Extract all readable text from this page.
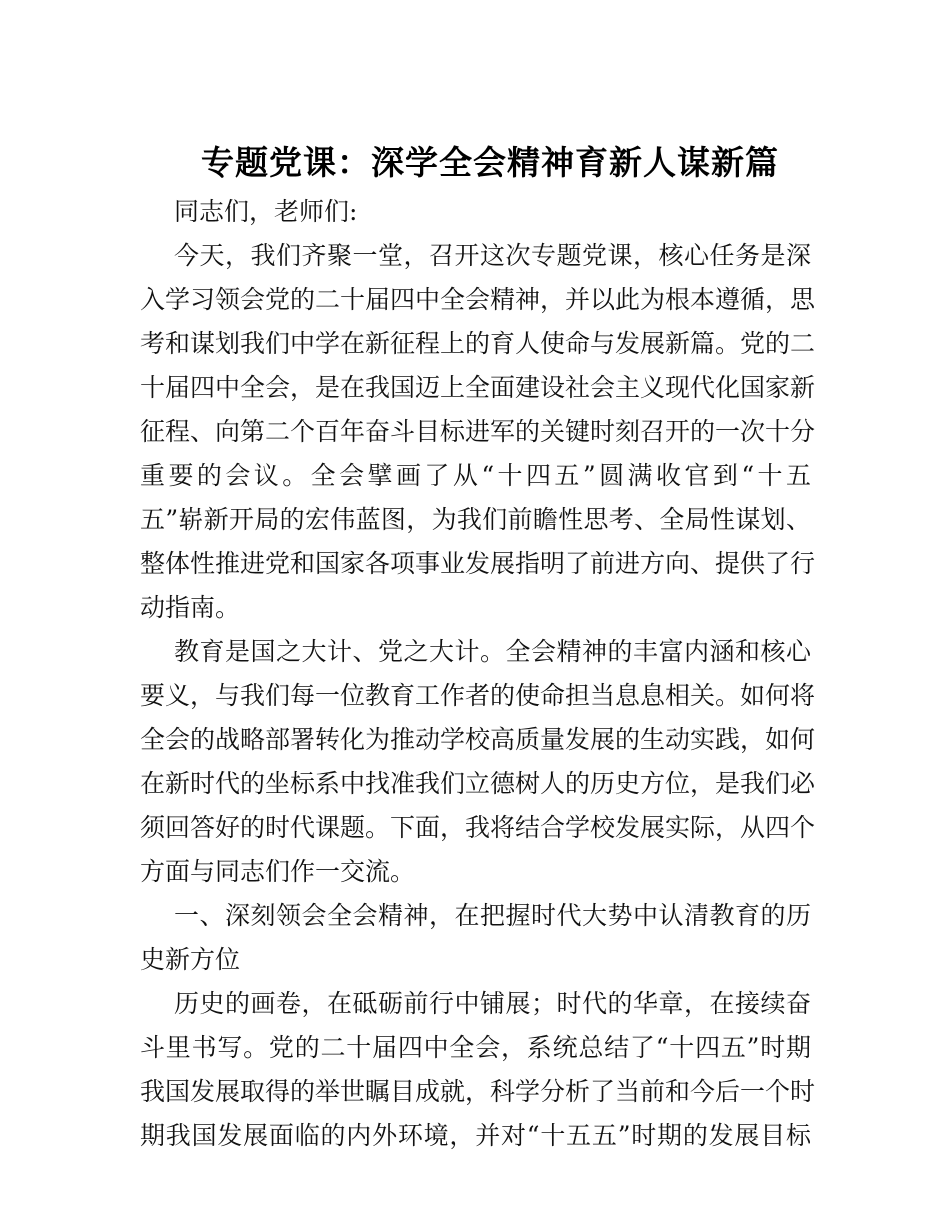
专题党课：深学全会精神育新人谋新篇
同志们，老师们:
今天，我们齐聚一堂，召开这次专题党课，核心任务是深
入学习领会党的二十届四中全会精神，并以此为根本遵循，思
考和谋划我们中学在新征程上的育人使命与发展新篇。党的二
十届四中全会，是在我国迈上全面建设社会主义现代化国家新
征程、向第二个百年奋斗目标进军的关键时刻召开的一次十分
重要的会议。全会擘画了从“十四五”圆满收官到“十五
五”崭新开局的宏伟蓝图，为我们前瞻性思考、全局性谋划、
整体性推进党和国家各项事业发展指明了前进方向、提供了行
动指南。
教育是国之大计、党之大计。全会精神的丰富内涵和核心
要义，与我们每一位教育工作者的使命担当息息相关。如何将
全会的战略部署转化为推动学校高质量发展的生动实践，如何
在新时代的坐标系中找准我们立德树人的历史方位，是我们必
须回答好的时代课题。下面，我将结合学校发展实际，从四个
方面与同志们作一交流。
一、深刻领会全会精神，在把握时代大势中认清教育的历
史新方位
历史的画卷，在砥砺前行中铺展；时代的华章，在接续奋
斗里书写。党的二十届四中全会，系统总结了“十四五”时期
我国发展取得的举世瞩目成就，科学分析了当前和今后一个时
期我国发展面临的内外环境，并对“十五五”时期的发展目标
